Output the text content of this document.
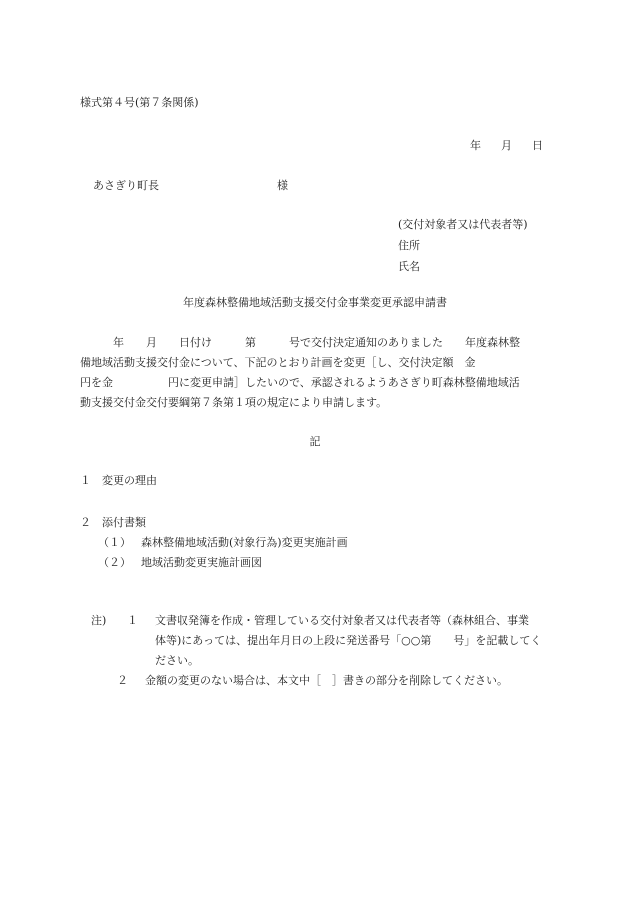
様式第４号(第７条関係)
年 月 日
あさぎり町長	様
(交付対象者又は代表者等)
住所
氏名
年度森林整備地域活動支援交付金事業変更承認申請書
　　　年　　月　　日付け　　　第　　　号で交付決定通知のありました　　年度森林整
備地域活動支援交付金について、下記のとおり計画を変更［し、交付決定額　金
円を金　　　　　円に変更申請］したいので、承認されるようあさぎり町森林整備地域活
動支援交付金交付要綱第７条第１項の規定により申請します。
記
１　変更の理由
２　添付書類
（１） 森林整備地域活動(対象行為)変更実施計画
（２） 地域活動変更実施計画図
注) １ 文書収発簿を作成・管理している交付対象者又は代表者等（森林組合、事業
体等)にあっては、提出年月日の上段に発送番号「○○第　　号」を記載してく
ださい。
２ 金額の変更のない場合は、本文中［　］書きの部分を削除してください。
